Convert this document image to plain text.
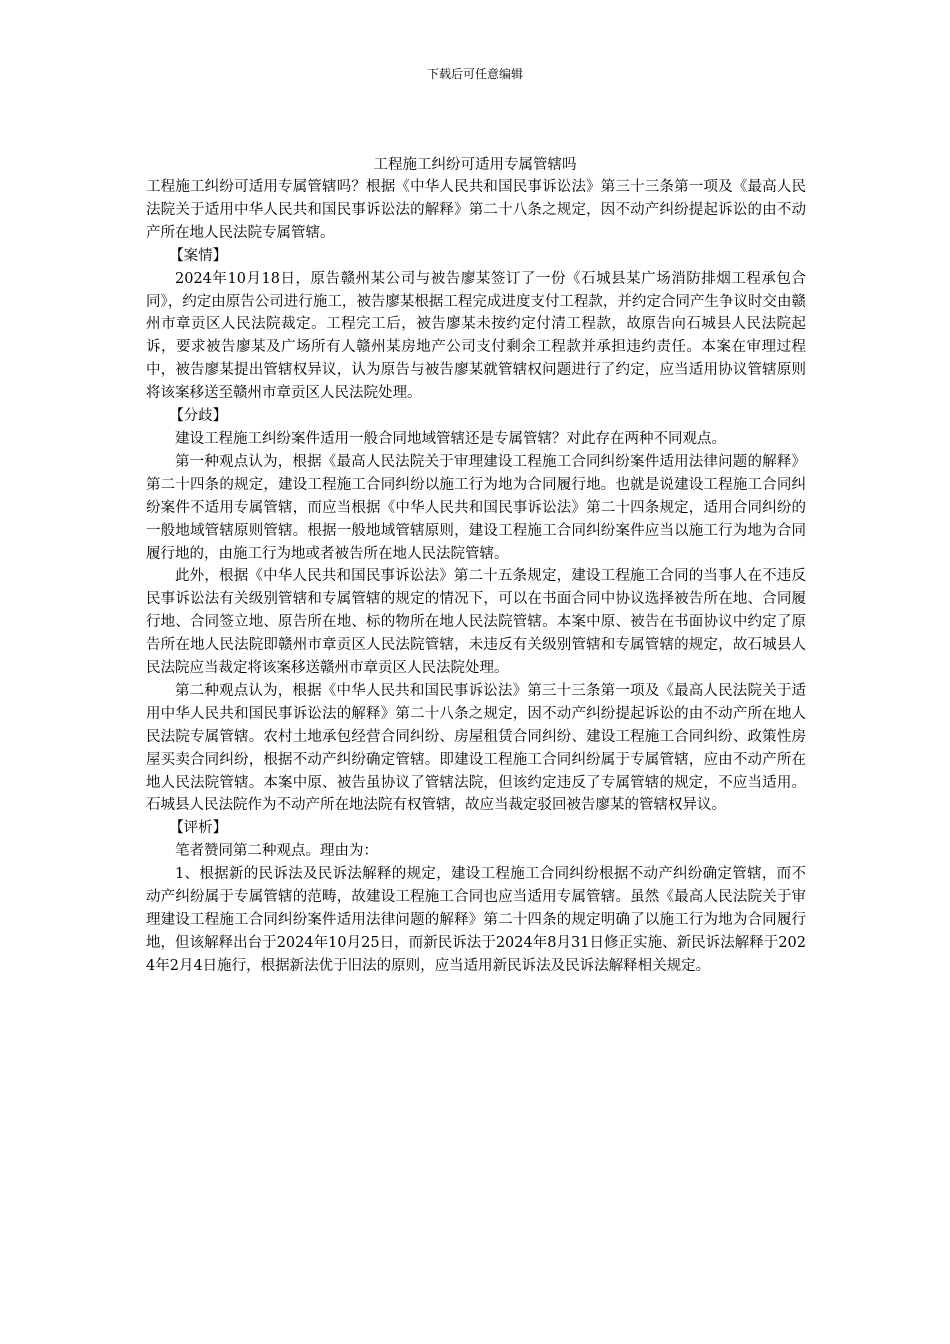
下载后可任意编辑
工程施工纠纷可适用专属管辖吗

工程施工纠纷可适用专属管辖吗？根据《中华人民共和国民事诉讼法》第三十三条第一项及《最高人民法院关于适用中华人民共和国民事诉讼法的解释》第二十八条之规定，因不动产纠纷提起诉讼的由不动产所在地人民法院专属管辖。

【案情】

2024年10月18日，原告赣州某公司与被告廖某签订了一份《石城县某广场消防排烟工程承包合同》，约定由原告公司进行施工，被告廖某根据工程完成进度支付工程款，并约定合同产生争议时交由赣州市章贡区人民法院裁定。工程完工后，被告廖某未按约定付清工程款，故原告向石城县人民法院起诉，要求被告廖某及广场所有人赣州某房地产公司支付剩余工程款并承担违约责任。本案在审理过程中，被告廖某提出管辖权异议，认为原告与被告廖某就管辖权问题进行了约定，应当适用协议管辖原则将该案移送至赣州市章贡区人民法院处理。

【分歧】

建设工程施工纠纷案件适用一般合同地域管辖还是专属管辖？对此存在两种不同观点。

第一种观点认为，根据《最高人民法院关于审理建设工程施工合同纠纷案件适用法律问题的解释》第二十四条的规定，建设工程施工合同纠纷以施工行为地为合同履行地。也就是说建设工程施工合同纠纷案件不适用专属管辖，而应当根据《中华人民共和国民事诉讼法》第二十四条规定，适用合同纠纷的一般地域管辖原则管辖。根据一般地域管辖原则，建设工程施工合同纠纷案件应当以施工行为地为合同履行地的，由施工行为地或者被告所在地人民法院管辖。

此外，根据《中华人民共和国民事诉讼法》第二十五条规定，建设工程施工合同的当事人在不违反民事诉讼法有关级别管辖和专属管辖的规定的情况下，可以在书面合同中协议选择被告所在地、合同履行地、合同签立地、原告所在地、标的物所在地人民法院管辖。本案中原、被告在书面协议中约定了原告所在地人民法院即赣州市章贡区人民法院管辖，未违反有关级别管辖和专属管辖的规定，故石城县人民法院应当裁定将该案移送赣州市章贡区人民法院处理。

第二种观点认为，根据《中华人民共和国民事诉讼法》第三十三条第一项及《最高人民法院关于适用中华人民共和国民事诉讼法的解释》第二十八条之规定，因不动产纠纷提起诉讼的由不动产所在地人民法院专属管辖。农村土地承包经营合同纠纷、房屋租赁合同纠纷、建设工程施工合同纠纷、政策性房屋买卖合同纠纷，根据不动产纠纷确定管辖。即建设工程施工合同纠纷属于专属管辖，应由不动产所在地人民法院管辖。本案中原、被告虽协议了管辖法院，但该约定违反了专属管辖的规定，不应当适用。石城县人民法院作为不动产所在地法院有权管辖，故应当裁定驳回被告廖某的管辖权异议。

【评析】

笔者赞同第二种观点。理由为：

1、根据新的民诉法及民诉法解释的规定，建设工程施工合同纠纷根据不动产纠纷确定管辖，而不动产纠纷属于专属管辖的范畴，故建设工程施工合同也应当适用专属管辖。虽然《最高人民法院关于审理建设工程施工合同纠纷案件适用法律问题的解释》第二十四条的规定明确了以施工行为地为合同履行地，但该解释出台于2024年10月25日，而新民诉法于2024年8月31日修正实施、新民诉法解释于2024年2月4日施行，根据新法优于旧法的原则，应当适用新民诉法及民诉法解释相关规定。
